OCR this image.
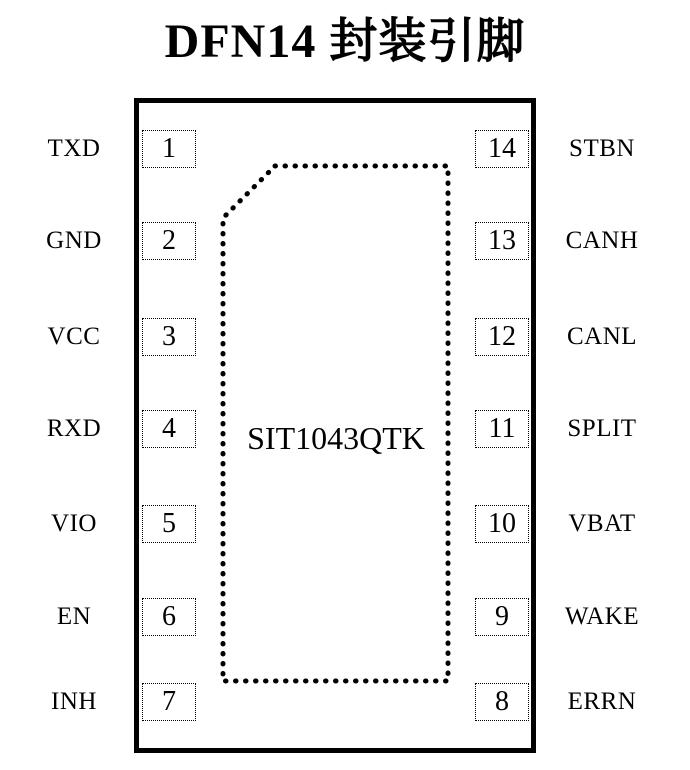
DFN14 封装引脚
SIT1043QTK
TXD	1
GND	2
VCC	3
RXD	4
VIO	5
EN	6
INH	7
14	STBN
13	CANH
12	CANL
11	SPLIT
10	VBAT
9	WAKE
8	ERRN
